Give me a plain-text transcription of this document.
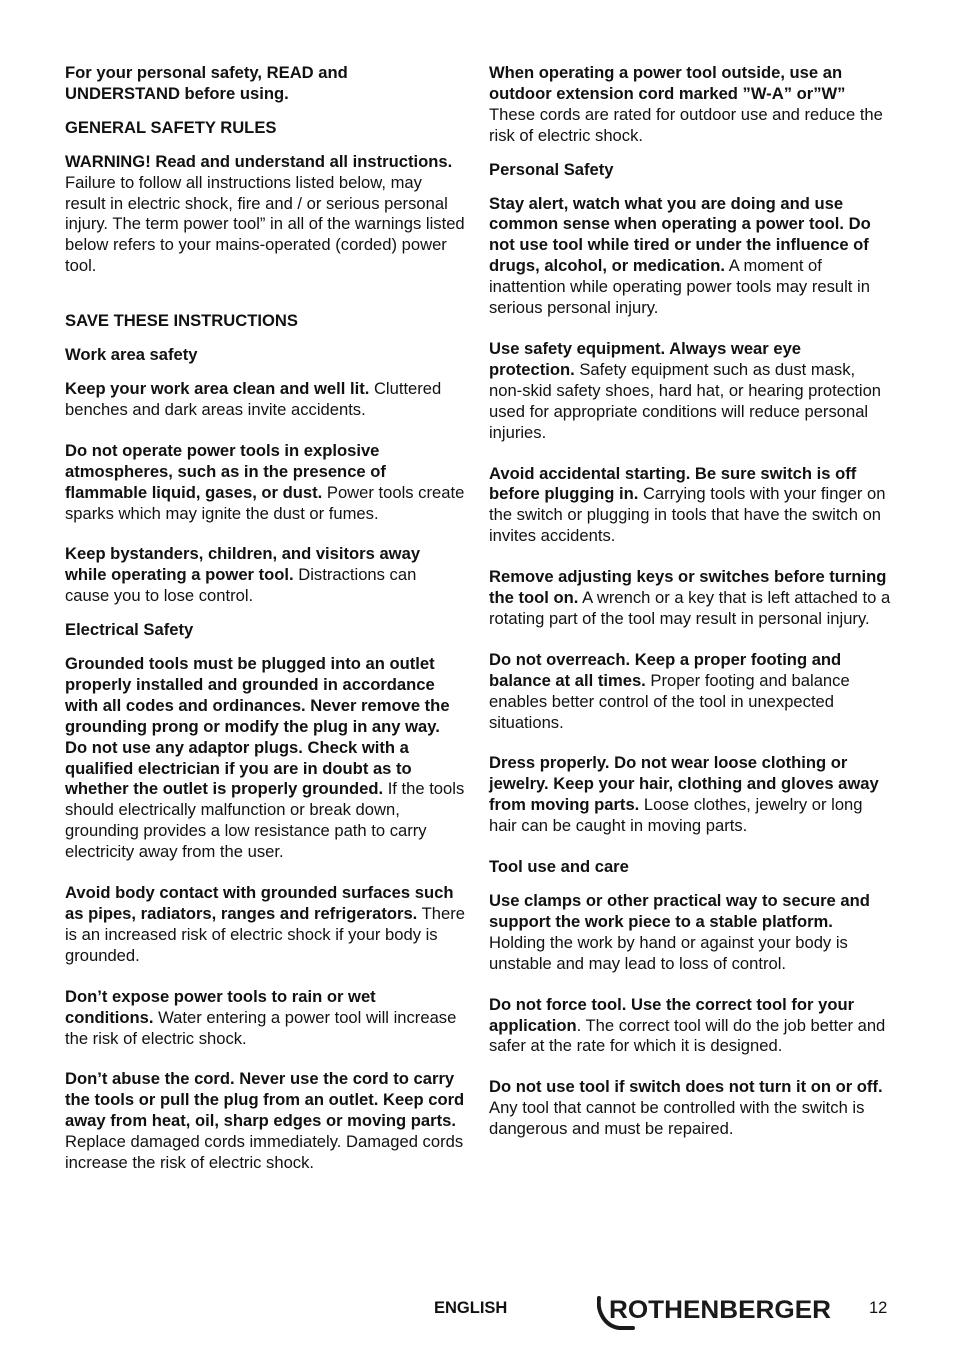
For your personal safety, READ and UNDERSTAND before using.

GENERAL SAFETY RULES

WARNING! Read and understand all instructions. Failure to follow all instructions listed below, may result in electric shock, fire and / or serious personal injury. The term power tool” in all of the warnings listed below refers to your mains-operated (corded) power tool.

SAVE THESE INSTRUCTIONS

Work area safety

Keep your work area clean and well lit. Cluttered benches and dark areas invite accidents.

Do not operate power tools in explosive atmospheres, such as in the presence of flammable liquid, gases, or dust. Power tools create sparks which may ignite the dust or fumes.

Keep bystanders, children, and visitors away while operating a power tool. Distractions can cause you to lose control.

Electrical Safety

Grounded tools must be plugged into an outlet properly installed and grounded in accordance with all codes and ordinances. Never remove the grounding prong or modify the plug in any way. Do not use any adaptor plugs. Check with a qualified electrician if you are in doubt as to whether the outlet is properly grounded. If the tools should electrically malfunction or break down, grounding provides a low resistance path to carry electricity away from the user.

Avoid body contact with grounded surfaces such as pipes, radiators, ranges and refrigerators. There is an increased risk of electric shock if your body is grounded.

Don’t expose power tools to rain or wet conditions. Water entering a power tool will increase the risk of electric shock.

Don’t abuse the cord. Never use the cord to carry the tools or pull the plug from an outlet. Keep cord away from heat, oil, sharp edges or moving parts. Replace damaged cords immediately. Damaged cords increase the risk of electric shock.

When operating a power tool outside, use an outdoor extension cord marked ”W-A” or”W” These cords are rated for outdoor use and reduce the risk of electric shock.

Personal Safety

Stay alert, watch what you are doing and use common sense when operating a power tool. Do not use tool while tired or under the influence of drugs, alcohol, or medication. A moment of inattention while operating power tools may result in serious personal injury.

Use safety equipment. Always wear eye protection. Safety equipment such as dust mask, non-skid safety shoes, hard hat, or hearing protection used for appropriate conditions will reduce personal injuries.

Avoid accidental starting. Be sure switch is off before plugging in. Carrying tools with your finger on the switch or plugging in tools that have the switch on invites accidents.

Remove adjusting keys or switches before turning the tool on. A wrench or a key that is left attached to a rotating part of the tool may result in personal injury.

Do not overreach. Keep a proper footing and balance at all times. Proper footing and balance enables better control of the tool in unexpected situations.

Dress properly. Do not wear loose clothing or jewelry. Keep your hair, clothing and gloves away from moving parts. Loose clothes, jewelry or long hair can be caught in moving parts.

Tool use and care

Use clamps or other practical way to secure and support the work piece to a stable platform. Holding the work by hand or against your body is unstable and may lead to loss of control.

Do not force tool. Use the correct tool for your application. The correct tool will do the job better and safer at the rate for which it is designed.

Do not use tool if switch does not turn it on or off. Any tool that cannot be controlled with the switch is dangerous and must be repaired.

ENGLISH	ROTHENBERGER 12
